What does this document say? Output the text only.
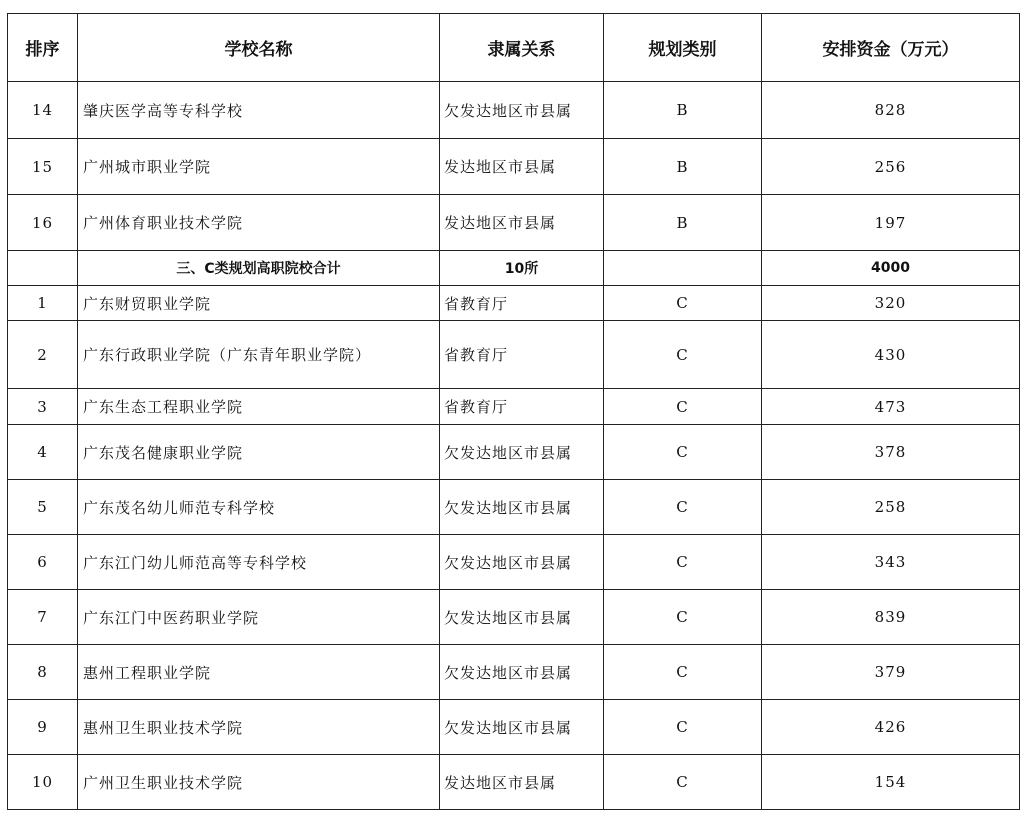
排序	学校名称	隶属关系	规划类别	安排资金（万元）
14	肇庆医学高等专科学校	欠发达地区市县属	B	828
15	广州城市职业学院	发达地区市县属	B	256
16	广州体育职业技术学院	发达地区市县属	B	197
	三、C类规划高职院校合计	10所		4000
1	广东财贸职业学院	省教育厅	C	320
2	广东行政职业学院（广东青年职业学院）	省教育厅	C	430
3	广东生态工程职业学院	省教育厅	C	473
4	广东茂名健康职业学院	欠发达地区市县属	C	378
5	广东茂名幼儿师范专科学校	欠发达地区市县属	C	258
6	广东江门幼儿师范高等专科学校	欠发达地区市县属	C	343
7	广东江门中医药职业学院	欠发达地区市县属	C	839
8	惠州工程职业学院	欠发达地区市县属	C	379
9	惠州卫生职业技术学院	欠发达地区市县属	C	426
10	广州卫生职业技术学院	发达地区市县属	C	154
